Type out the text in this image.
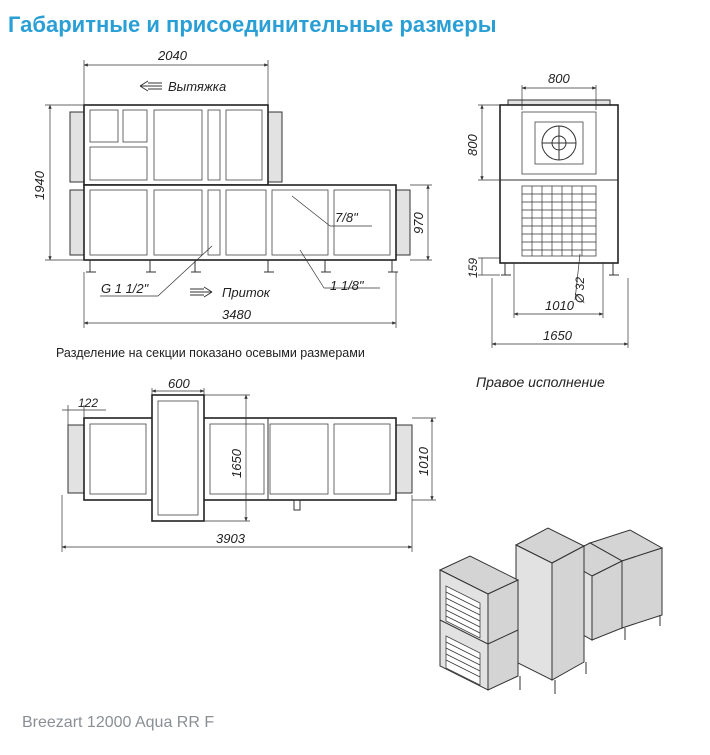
Габаритные и присоединительные размеры
2040
Вытяжка
1940
970
7/8"
1 1/8"
G 1 1/2"	Приток
3480
800
800
159
Ø 32
1010
1650
Разделение на секции показано осевыми размерами
Правое исполнение
600
122
1650	1010
3903
Breezart 12000 Aqua RR F
